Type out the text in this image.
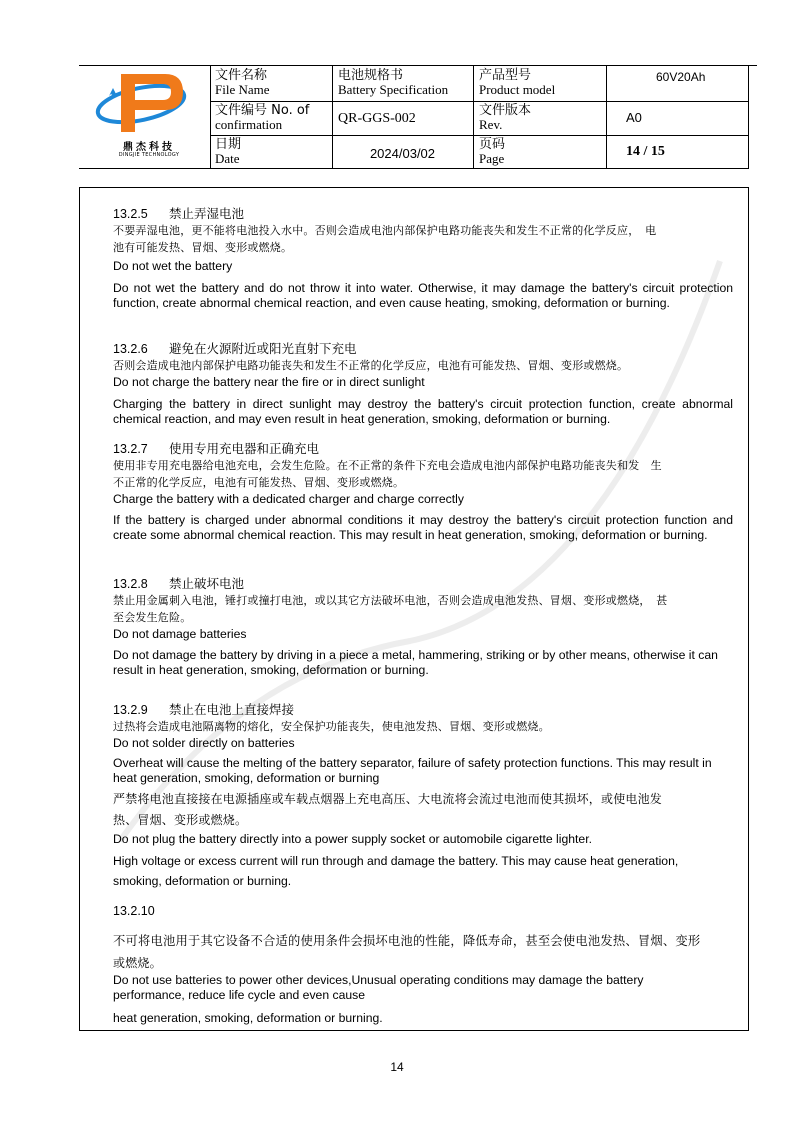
鼎杰科技
DINGJIE TECHNOLOGY
文件名称
File Name
文件编号 No. of
confirmation
日期
Date
电池规格书
Battery Specification
QR-GGS-002
2024/03/02
产品型号
Product model
文件版本
Rev.
页码
Page
60V20Ah
A0
14 / 15
13.2.5 禁止弄湿电池
不要弄湿电池，更不能将电池投入水中。否则会造成电池内部保护电路功能丧失和发生不正常的化学反应，　电
池有可能发热、冒烟、变形或燃烧。
Do not wet the battery
Do not wet the battery and do not throw it into water. Otherwise, it may damage the battery's circuit protection function, create abnormal chemical reaction, and even cause heating, smoking, deformation or burning.
13.2.6 避免在火源附近或阳光直射下充电
否则会造成电池内部保护电路功能丧失和发生不正常的化学反应，电池有可能发热、冒烟、变形或燃烧。
Do not charge the battery near the fire or in direct sunlight
Charging the battery in direct sunlight may destroy the battery's circuit protection function, create abnormal chemical reaction, and may even result in heat generation, smoking, deformation or burning.
13.2.7 使用专用充电器和正确充电
使用非专用充电器给电池充电，会发生危险。在不正常的条件下充电会造成电池内部保护电路功能丧失和发　生
不正常的化学反应，电池有可能发热、冒烟、变形或燃烧。
Charge the battery with a dedicated charger and charge correctly
If the battery is charged under abnormal conditions it may destroy the battery's circuit protection function and create some abnormal chemical reaction. This may result in heat generation, smoking, deformation or burning.
13.2.8 禁止破坏电池
禁止用金属刺入电池，锤打或撞打电池，或以其它方法破坏电池，否则会造成电池发热、冒烟、变形或燃烧，　甚
至会发生危险。
Do not damage batteries
Do not damage the battery by driving in a piece a metal, hammering, striking or by other means, otherwise it can result in heat generation, smoking, deformation or burning.
13.2.9 禁止在电池上直接焊接
过热将会造成电池隔离物的熔化，安全保护功能丧失，使电池发热、冒烟、变形或燃烧。
Do not solder directly on batteries
Overheat will cause the melting of the battery separator, failure of safety protection functions. This may result in heat generation, smoking, deformation or burning
严禁将电池直接接在电源插座或车载点烟器上充电高压、大电流将会流过电池而使其损坏，或使电池发
热、冒烟、变形或燃烧。
Do not plug the battery directly into a power supply socket or automobile cigarette lighter.
High voltage or excess current will run through and damage the battery. This may cause heat generation,
smoking, deformation or burning.
13.2.10
不可将电池用于其它设备不合适的使用条件会损坏电池的性能，降低寿命，甚至会使电池发热、冒烟、变形
或燃烧。
Do not use batteries to power other devices,Unusual operating conditions may damage the battery
performance, reduce life cycle and even cause
heat generation, smoking, deformation or burning.
14
